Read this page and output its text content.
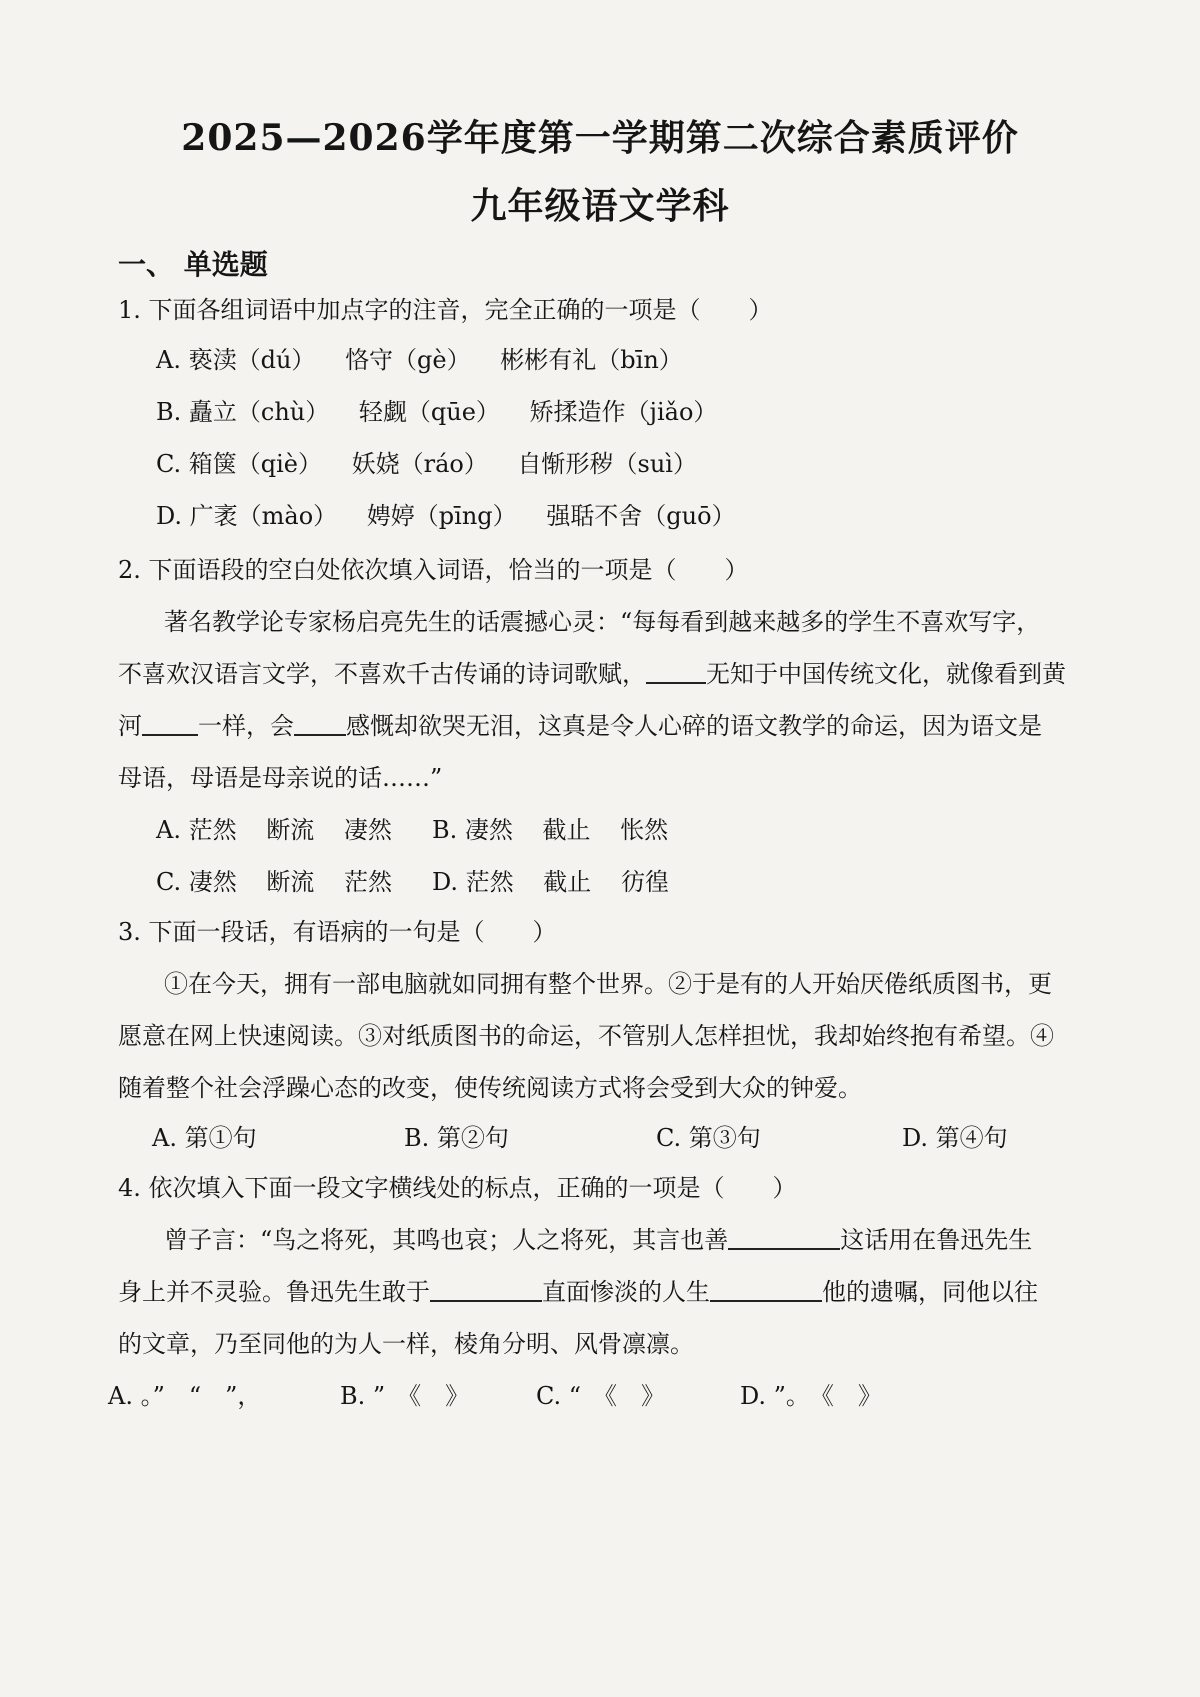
2025—2026学年度第一学期第二次综合素质评价
九年级语文学科
一、 单选题
1. 下面各组词语中加点字的注音，完全正确的一项是（　　）
A. 亵渎（dú） 恪守（gè） 彬彬有礼（bīn）
B. 矗立（chù） 轻觑（qūe） 矫揉造作（jiǎo）
C. 箱箧（qiè） 妖娆（ráo） 自惭形秽（suì）
D. 广袤（mào） 娉婷（pīng） 强聒不舍（guō）
2. 下面语段的空白处依次填入词语，恰当的一项是（　　）
著名教学论专家杨启亮先生的话震撼心灵：“每每看到越来越多的学生不喜欢写字，
不喜欢汉语言文学，不喜欢千古传诵的诗词歌赋，	无知于中国传统文化，就像看到黄
河 一样，会 感慨却欲哭无泪，这真是令人心碎的语文教学的命运，因为语文是
母语，母语是母亲说的话……”
A. 茫然 断流 凄然 B. 凄然 截止 怅然
C. 凄然 断流 茫然 D. 茫然 截止 彷徨
3. 下面一段话，有语病的一句是（　　）
①在今天，拥有一部电脑就如同拥有整个世界。②于是有的人开始厌倦纸质图书，更
愿意在网上快速阅读。③对纸质图书的命运，不管别人怎样担忧，我却始终抱有希望。④
随着整个社会浮躁心态的改变，使传统阅读方式将会受到大众的钟爱。
A. 第①句	B. 第②句	C. 第③句	D. 第④句
4. 依次填入下面一段文字横线处的标点，正确的一项是（　　）
曾子言：“鸟之将死，其鸣也哀；人之将死，其言也善	这话用在鲁迅先生
身上并不灵验。鲁迅先生敢于	直面惨淡的人生	他的遗嘱，同他以往
的文章，乃至同他的为人一样，棱角分明、风骨凛凛。
A. 。”　“　”，	B. ”　《　》	C. “　《　》	D. ”。　《　》
